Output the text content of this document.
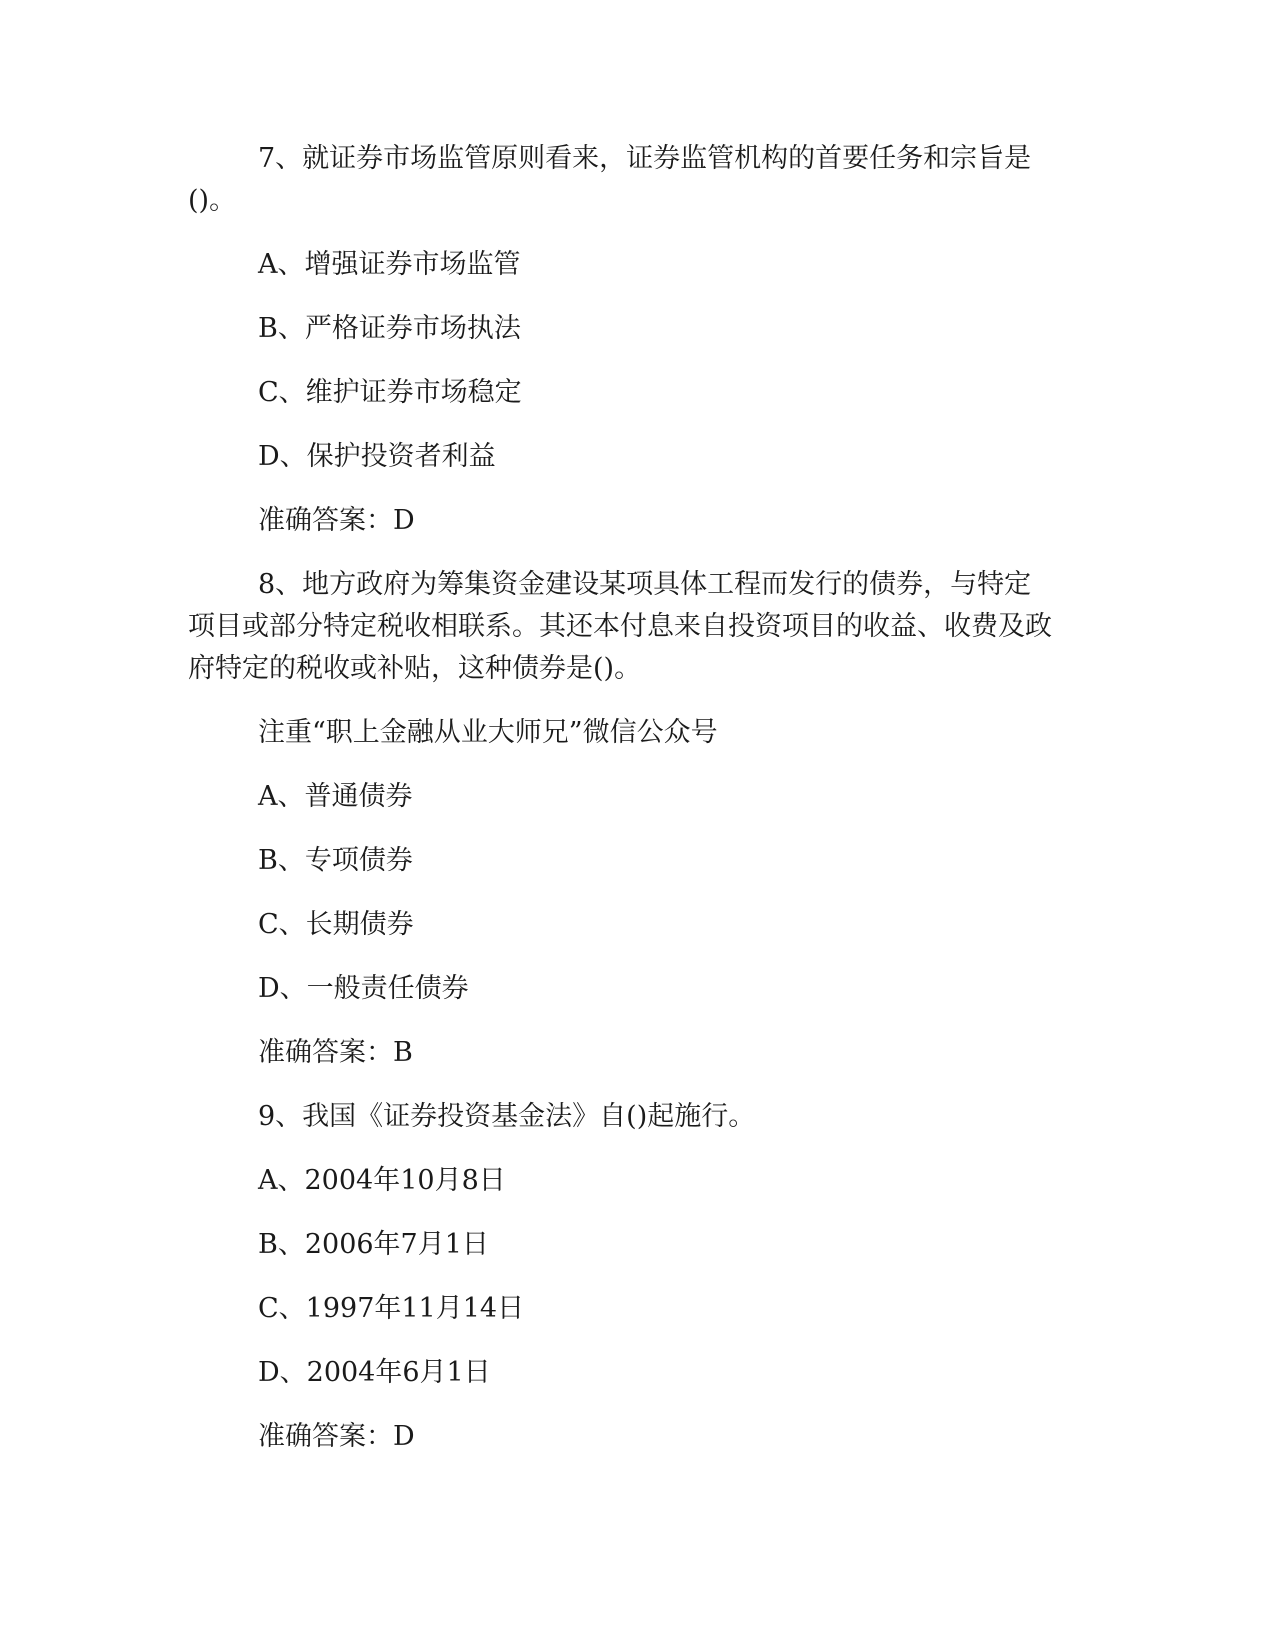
7、就证券市场监管原则看来，证券监管机构的首要任务和宗旨是()。

A、增强证券市场监管

B、严格证券市场执法

C、维护证券市场稳定

D、保护投资者利益

准确答案：D

8、地方政府为筹集资金建设某项具体工程而发行的债券，与特定项目或部分特定税收相联系。其还本付息来自投资项目的收益、收费及政府特定的税收或补贴，这种债券是()。

注重“职上金融从业大师兄”微信公众号

A、普通债券

B、专项债券

C、长期债券

D、一般责任债券

准确答案：B

9、我国《证券投资基金法》自()起施行。

A、2004年10月8日

B、2006年7月1日

C、1997年11月14日

D、2004年6月1日

准确答案：D
